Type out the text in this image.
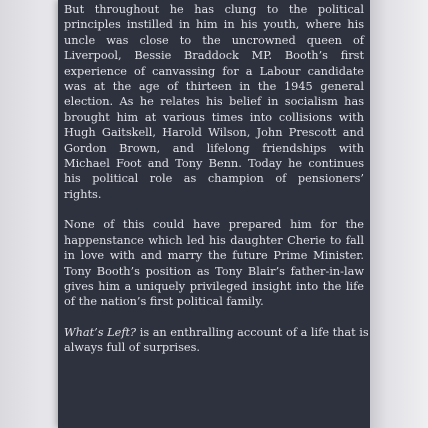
But throughout he has clung to the political
principles instilled in him in his youth, where his
uncle was close to the uncrowned queen of
Liverpool, Bessie Braddock MP. Booth’s first
experience of canvassing for a Labour candidate
was at the age of thirteen in the 1945 general
election. As he relates his belief in socialism has
brought him at various times into collisions with
Hugh Gaitskell, Harold Wilson, John Prescott and
Gordon Brown, and lifelong friendships with
Michael Foot and Tony Benn. Today he continues
his political role as champion of pensioners’
rights.

None of this could have prepared him for the
happenstance which led his daughter Cherie to fall
in love with and marry the future Prime Minister.
Tony Booth’s position as Tony Blair’s father-in-law
gives him a uniquely privileged insight into the life
of the nation’s first political family.

What’s Left? is an enthralling account of a life that is
always full of surprises.
